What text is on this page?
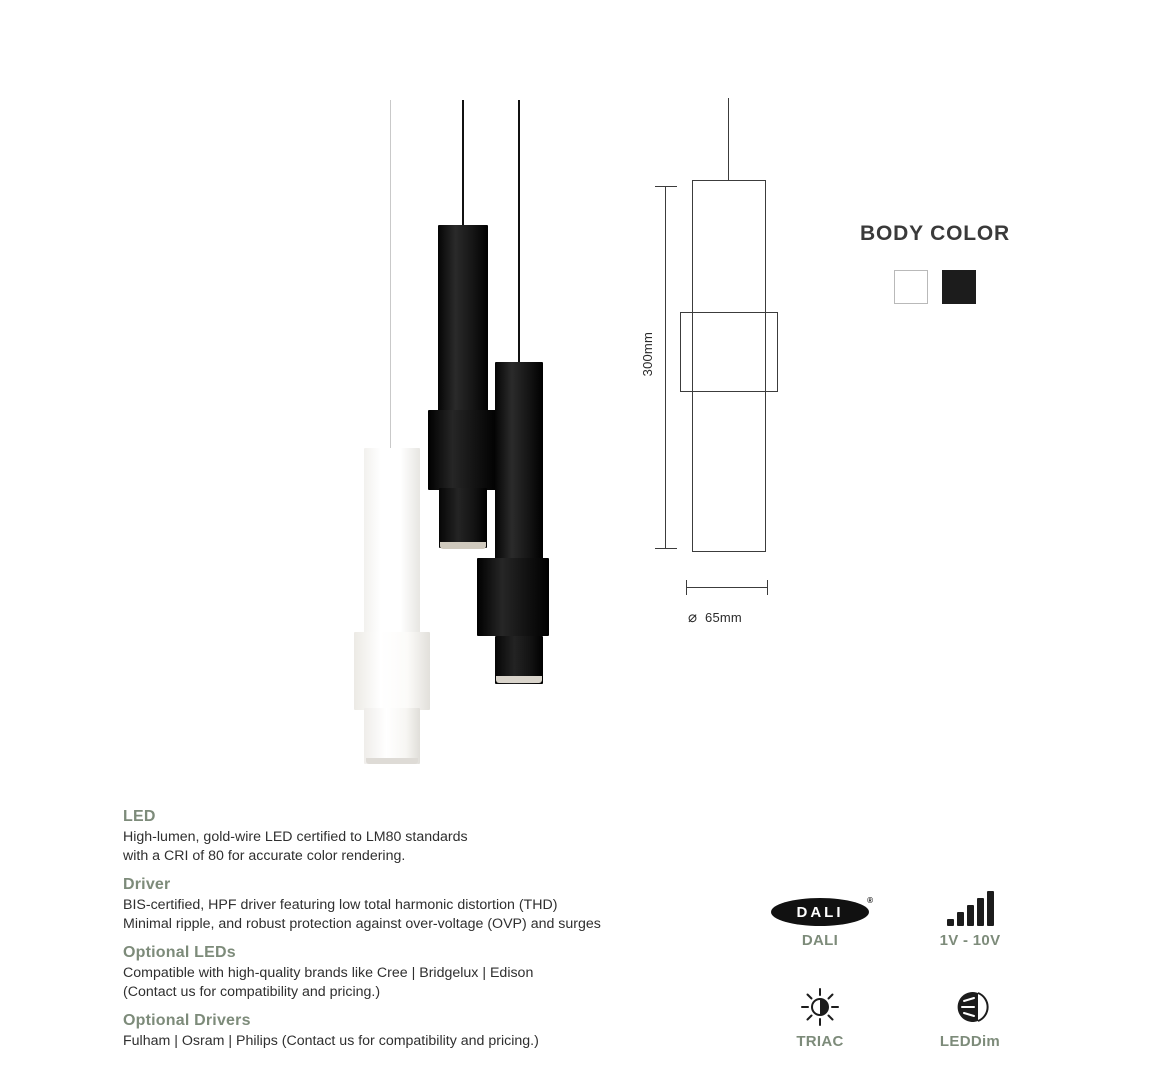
300mm
⌀ 65mm
BODY COLOR

LED

High-lumen, gold-wire LED certified to LM80 standards

with a CRI of 80 for accurate color rendering.

Driver

BIS-certified, HPF driver featuring low total harmonic distortion (THD)

Minimal ripple, and robust protection against over-voltage (OVP) and surges

Optional LEDs

Compatible with high-quality brands like Cree | Bridgelux | Edison

(Contact us for compatibility and pricing.)

Optional Drivers

Fulham | Osram | Philips (Contact us for compatibility and pricing.)

DALI
®
DALI	1V - 10V
TRIAC	LEDDim
